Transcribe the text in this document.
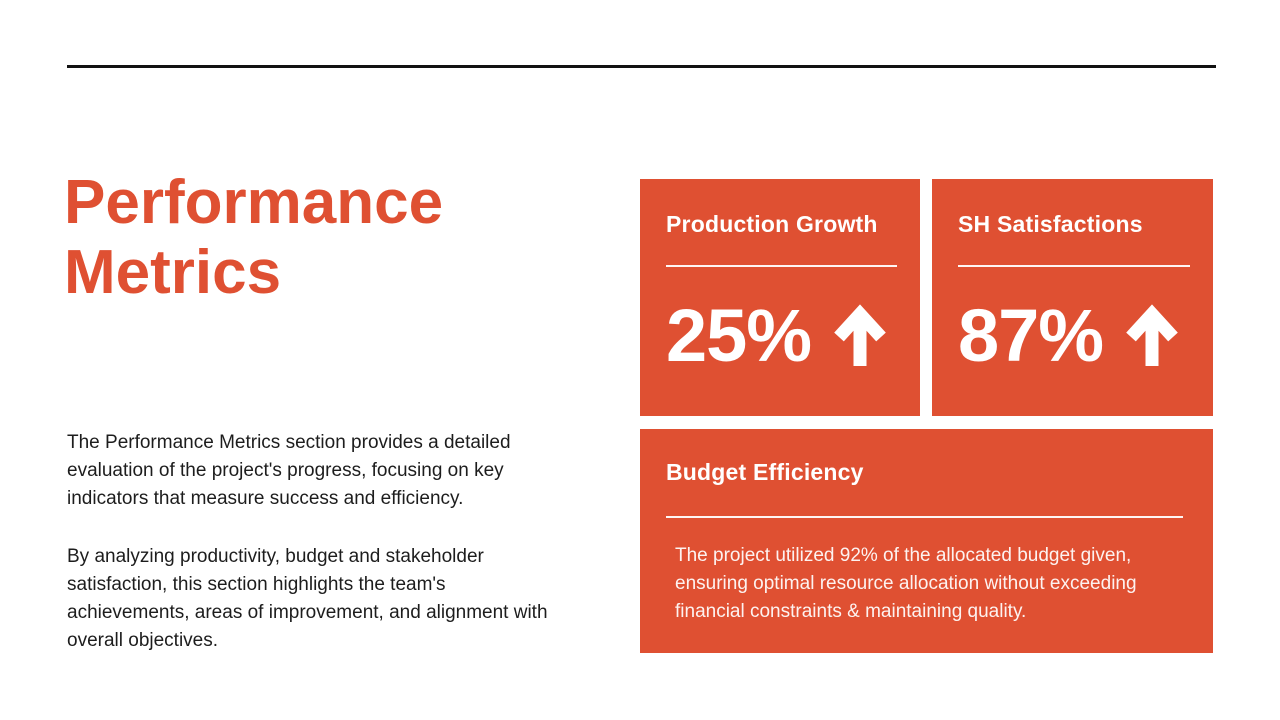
Performance Metrics

The Performance Metrics section provides a detailed evaluation of the project's progress, focusing on key indicators that measure success and efficiency.

By analyzing productivity, budget and stakeholder satisfaction, this section highlights the team's achievements, areas of improvement, and alignment with overall objectives.

Production Growth
25%
SH Satisfactions
87%
Budget Efficiency

The project utilized 92% of the allocated budget given, ensuring optimal resource allocation without exceeding financial constraints & maintaining quality.
